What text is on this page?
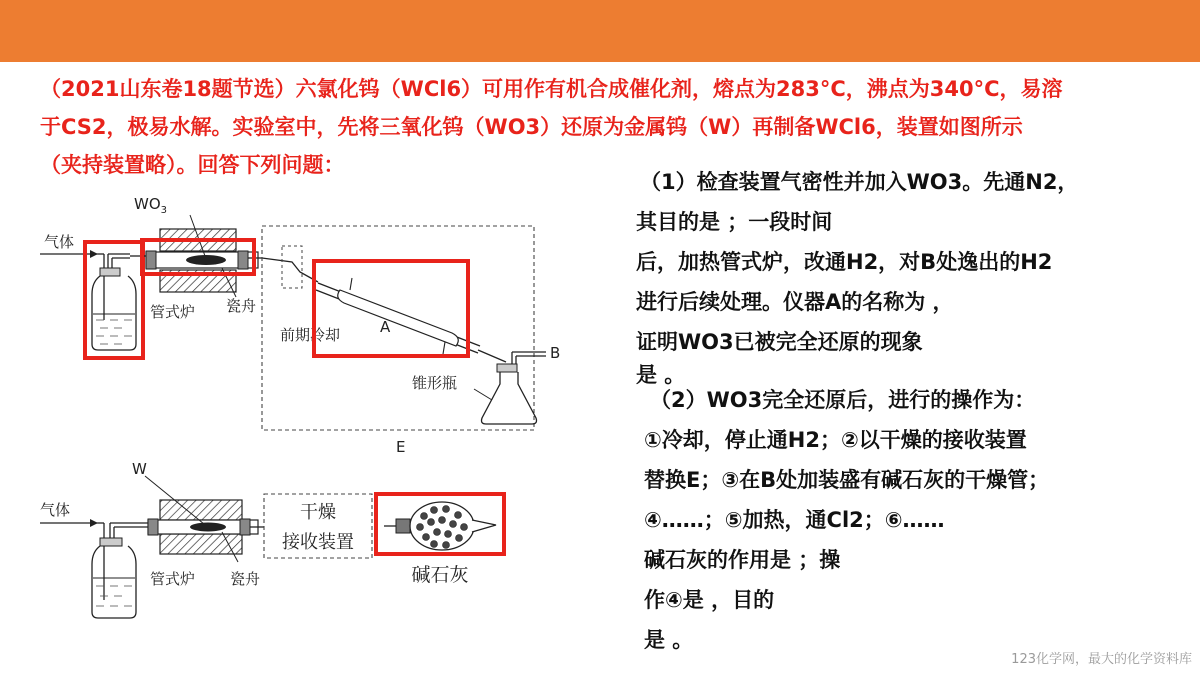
（2021山东卷18题节选）六氯化钨（WCl6）可用作有机合成催化剂，熔点为283°C，沸点为340°C，易溶

于CS2，极易水解。实验室中，先将三氧化钨（WO3）还原为金属钨（W）再制备WCl6，装置如图所示

（夹持装置略）。回答下列问题：

（1）检查装置气密性并加入WO3。先通N2，

其目的是 ；一段时间

后，加热管式炉，改通H2，对B处逸出的H2

进行后续处理。仪器A的名称为 ，

证明WO3已被完全还原的现象

是 。

（2）WO3完全还原后，进行的操作为：

①冷却，停止通H2；②以干燥的接收装置

替换E；③在B处加装盛有碱石灰的干燥管；

④……；⑤加热，通Cl2；⑥……

碱石灰的作用是 ；操

作④是 ，目的

是 。

气体
$WO_3$
管式炉 瓷舟
前期冷却	A
B
锥形瓶
E
气体
W
管式炉 瓷舟
干燥
接收装置
碱石灰
123化学网，最大的化学资料库
